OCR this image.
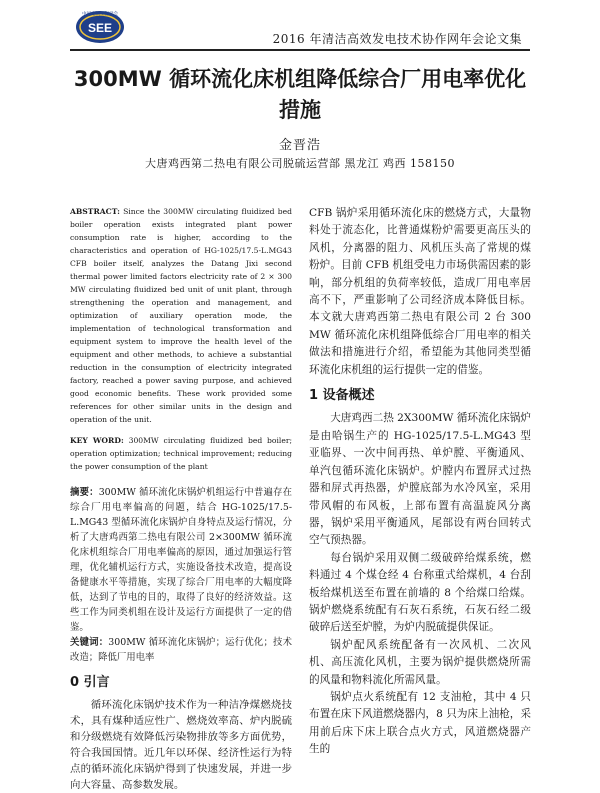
SEE
中国电机工程学会
2016 年清洁高效发电技术协作网年会论文集
300MW 循环流化床机组降低综合厂用电率优化措施
金晋浩
大唐鸡西第二热电有限公司脱硫运营部 黑龙江 鸡西 158150

ABSTRACT: Since the 300MW circulating fluidized bed boiler operation exists integrated plant power consumption rate is higher, according to the characteristics and operation of HG-1025/17.5-L.MG43 CFB boiler itself, analyzes the Datang Jixi second thermal power limited factors electricity rate of 2 × 300 MW circulating fluidized bed unit of unit plant, through strengthening the operation and management, and optimization of auxiliary operation mode, the implementation of technological transformation and equipment system to improve the health level of the equipment and other methods, to achieve a substantial reduction in the consumption of electricity integrated factory, reached a power saving purpose, and achieved good economic benefits. These work provided some references for other similar units in the design and operation of the unit.

KEY WORD: 300MW circulating fluidized bed boiler; operation optimization; technical improvement; reducing the power consumption of the plant

摘要：300MW 循环流化床锅炉机组运行中普遍存在综合厂用电率偏高的问题，结合 HG-1025/17.5-L.MG43 型循环流化床锅炉自身特点及运行情况，分析了大唐鸡西第二热电有限公司 2×300MW 循环流化床机组综合厂用电率偏高的原因，通过加强运行管理，优化辅机运行方式，实施设备技术改造，提高设备健康水平等措施，实现了综合厂用电率的大幅度降低，达到了节电的目的，取得了良好的经济效益。这些工作为同类机组在设计及运行方面提供了一定的借鉴。

关键词：300MW 循环流化床锅炉；运行优化；技术改造；降低厂用电率
0 引言

循环流化床锅炉技术作为一种洁净煤燃烧技术，具有煤种适应性广、燃烧效率高、炉内脱硫和分级燃烧有效降低污染物排放等多方面优势，符合我国国情。近几年以环保、经济性运行为特点的循环流化床锅炉得到了快速发展，并进一步向大容量、高参数发展。

CFB 锅炉采用循环流化床的燃烧方式，大量物料处于流态化，比普通煤粉炉需要更高压头的风机，分离器的阻力、风机压头高了常规的煤粉炉。目前 CFB 机组受电力市场供需因素的影响，部分机组的负荷率较低，造成厂用电率居高不下，严重影响了公司经济成本降低目标。本文就大唐鸡西第二热电有限公司 2 台 300 MW 循环流化床机组降低综合厂用电率的相关做法和措施进行介绍，希望能为其他同类型循环流化床机组的运行提供一定的借鉴。

1 设备概述

大唐鸡西二热 2X300MW 循环流化床锅炉是由哈锅生产的 HG-1025/17.5-L.MG43 型亚临界、一次中间再热、单炉膛、平衡通风、单汽包循环流化床锅炉。炉膛内布置屏式过热器和屏式再热器，炉膛底部为水冷风室，采用带风帽的布风板，上部布置有高温旋风分离器，锅炉采用平衡通风，尾部设有两台回转式空气预热器。

每台锅炉采用双侧二级破碎给煤系统，燃料通过 4 个煤仓经 4 台称重式给煤机，4 台刮板给煤机送至布置在前墙的 8 个给煤口给煤。锅炉燃烧系统配有石灰石系统，石灰石经二级破碎后送至炉膛，为炉内脱硫提供保证。

锅炉配风系统配备有一次风机、二次风机、高压流化风机，主要为锅炉提供燃烧所需的风量和物料流化所需风量。

锅炉点火系统配有 12 支油枪，其中 4 只布置在床下风道燃烧器内，8 只为床上油枪，采用前后床下床上联合点火方式，风道燃烧器产生的
